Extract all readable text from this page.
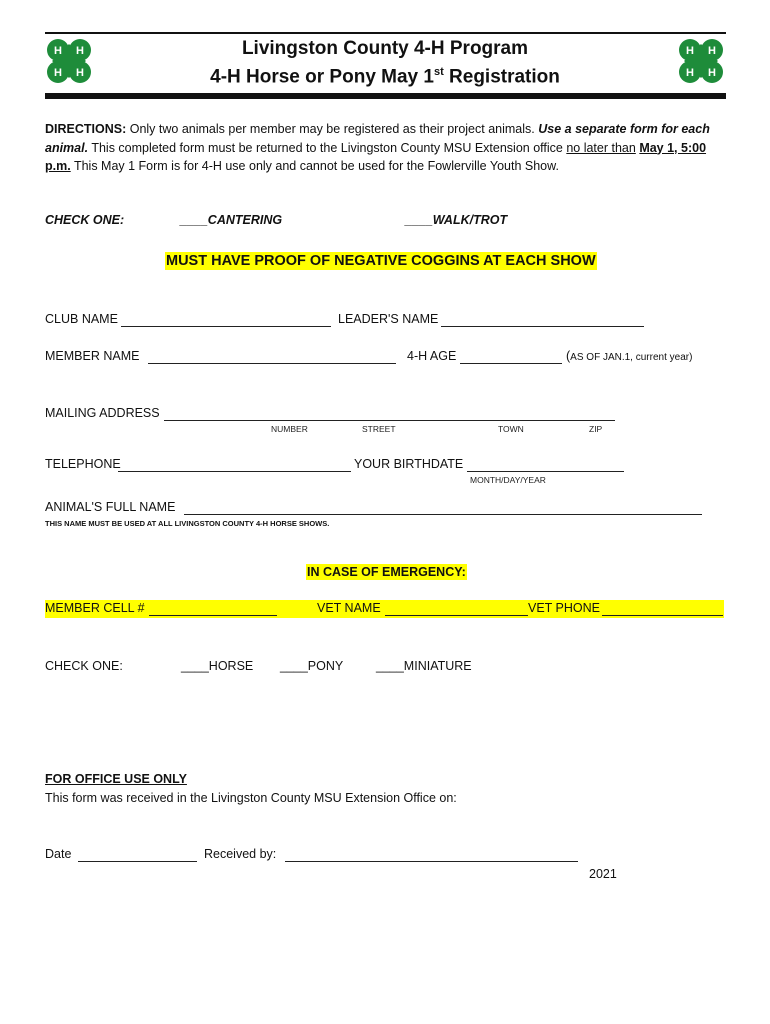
H H
H H
H H
H H
Livingston County 4-H Program
4-H Horse or Pony May 1st Registration
DIRECTIONS: Only two animals per member may be registered as their project animals. Use a separate form for each animal. This completed form must be returned to the Livingston County MSU Extension office no later than May 1, 5:00 p.m. This May 1 Form is for 4-H use only and cannot be used for the Fowlerville Youth Show.
CHECK ONE:	____CANTERING	____WALK/TROT
MUST HAVE PROOF OF NEGATIVE COGGINS AT EACH SHOW
CLUB NAME	LEADER'S NAME
MEMBER NAME	4-H AGE	(AS OF JAN.1, current year)
MAILING ADDRESS
NUMBER	STREET	TOWN	ZIP
TELEPHONE	YOUR BIRTHDATE
MONTH/DAY/YEAR
ANIMAL'S FULL NAME
THIS NAME MUST BE USED AT ALL LIVINGSTON COUNTY 4-H HORSE SHOWS.
IN CASE OF EMERGENCY:
MEMBER CELL #	VET NAME	VET PHONE
CHECK ONE:	____HORSE ____PONY	____MINIATURE
FOR OFFICE USE ONLY
This form was received in the Livingston County MSU Extension Office on:
Date	Received by:
2021
